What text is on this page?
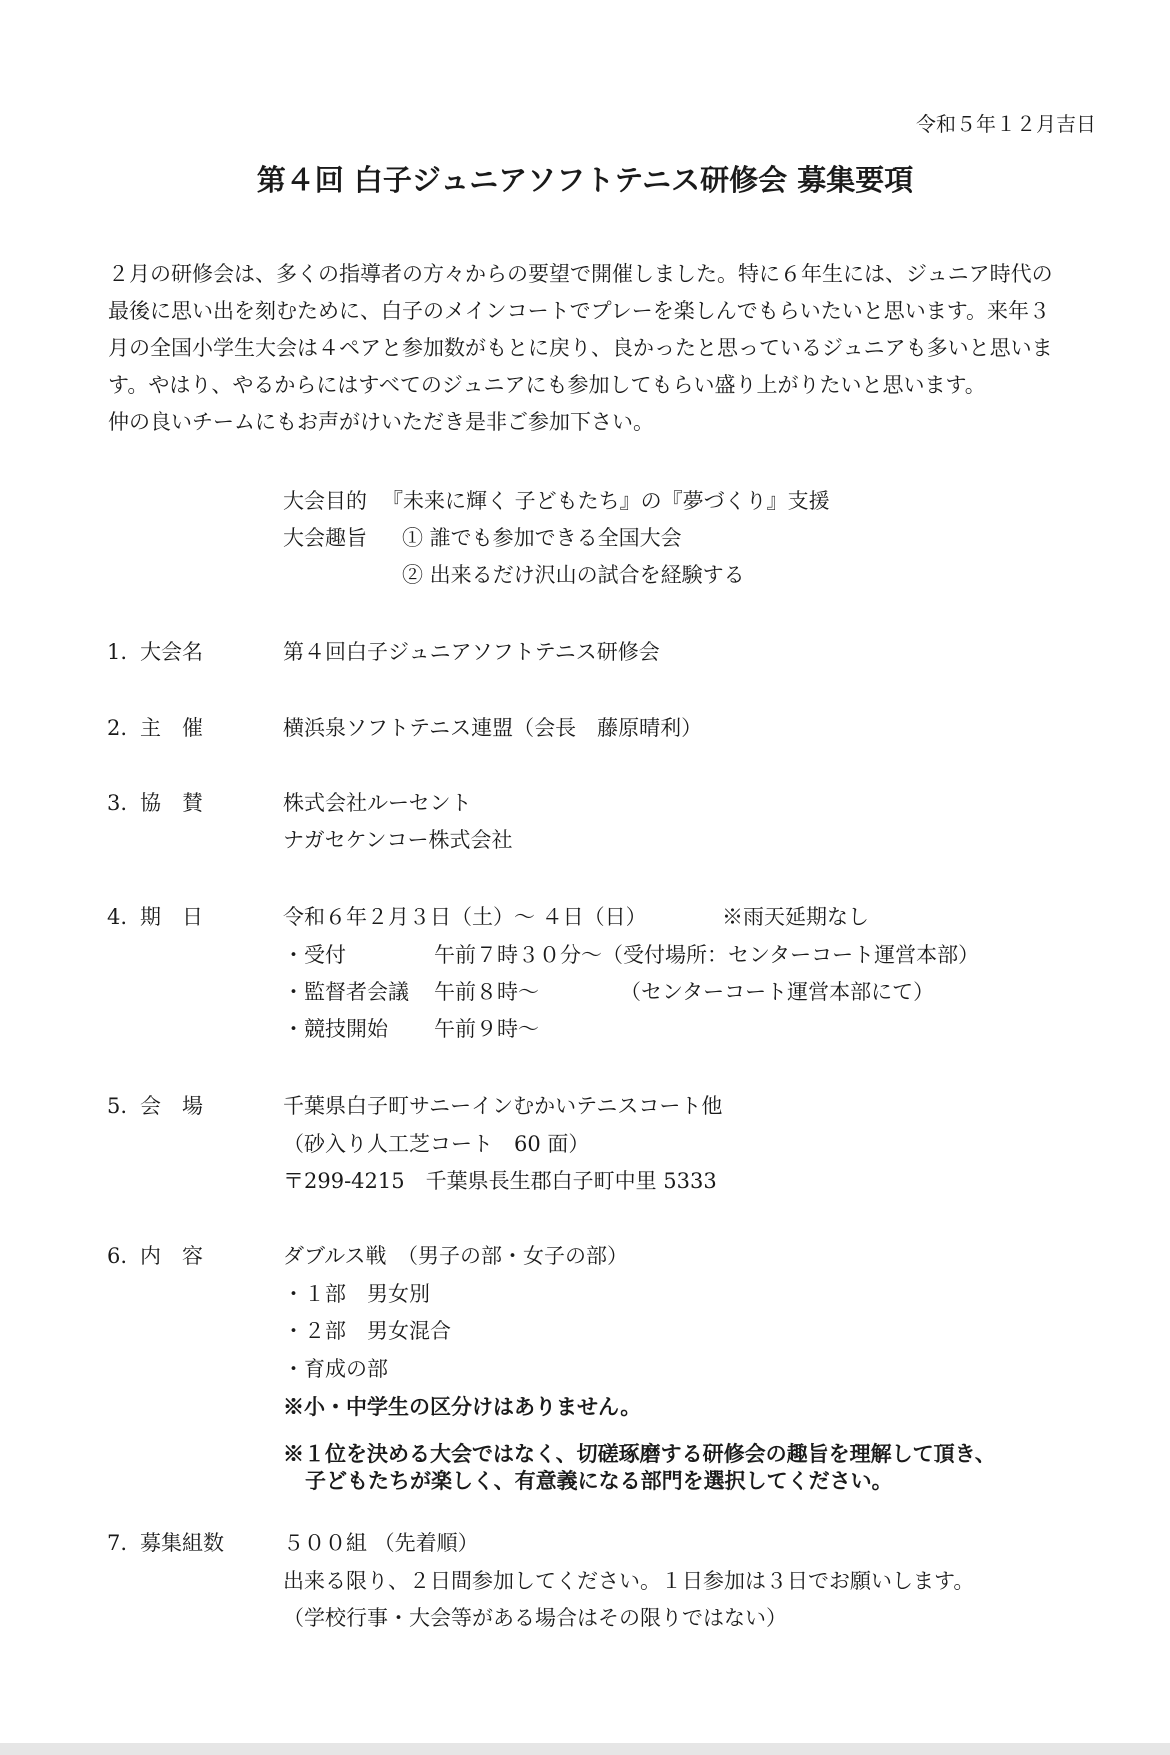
令和５年１２月吉日
第４回 白子ジュニアソフトテニス研修会 募集要項

２月の研修会は、多くの指導者の方々からの要望で開催しました。特に６年生には、ジュニア時代の

最後に思い出を刻むために、白子のメインコートでプレーを楽しんでもらいたいと思います。来年３

月の全国小学生大会は４ペアと参加数がもとに戻り、良かったと思っているジュニアも多いと思いま

す。やはり、やるからにはすべてのジュニアにも参加してもらい盛り上がりたいと思います。

仲の良いチームにもお声がけいただき是非ご参加下さい。

大会目的 『未来に輝く 子どもたち』の『夢づくり』支援
大会趣旨 ① 誰でも参加できる全国大会
② 出来るだけ沢山の試合を経験する
1. 大会名	第４回白子ジュニアソフトテニス研修会
2. 主　催	横浜泉ソフトテニス連盟（会長　藤原晴利）
3. 協　賛	株式会社ルーセント
ナガセケンコー株式会社
4. 期　日	令和６年２月３日（土）～ ４日（日）	※雨天延期なし
・受付	午前７時３０分～（受付場所：センターコート運営本部）
・監督者会議 午前８時～	（センターコート運営本部にて）
・競技開始 午前９時～
5. 会　場	千葉県白子町サニーインむかいテニスコート他
（砂入り人工芝コート　60 面）
〒299-4215　千葉県長生郡白子町中里 5333
6. 内　容	ダブルス戦　（男子の部・女子の部）
・１部　男女別
・２部　男女混合
・育成の部
※小・中学生の区分けはありません。
※１位を決める大会ではなく、切磋琢磨する研修会の趣旨を理解して頂き、
子どもたちが楽しく、有意義になる部門を選択してください。
7. 募集組数	５００組 （先着順）
出来る限り、２日間参加してください。１日参加は３日でお願いします。
（学校行事・大会等がある場合はその限りではない）
